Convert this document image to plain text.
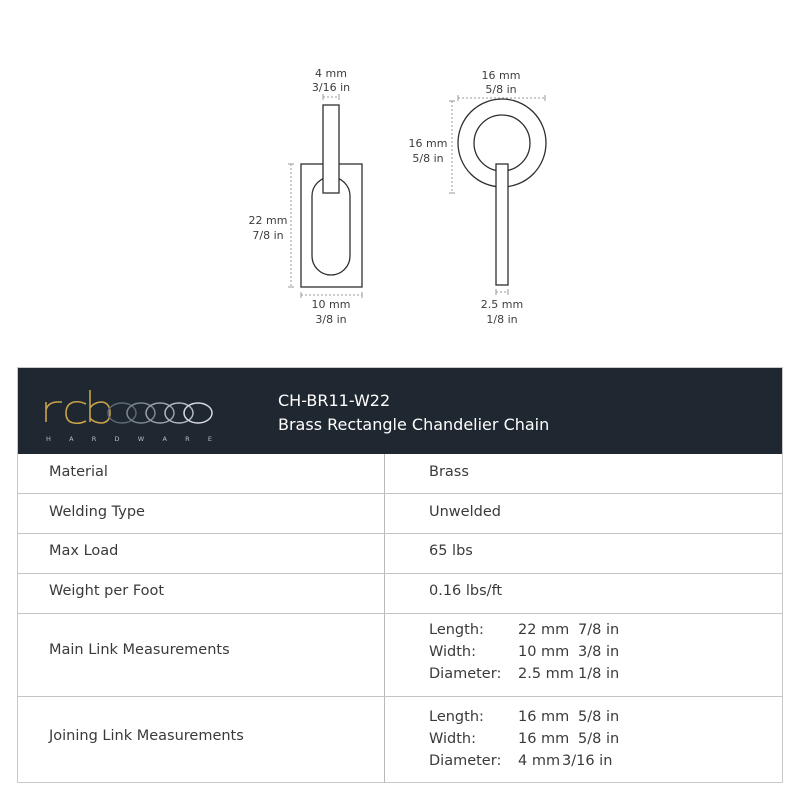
4 mm
3/16 in
22 mm
7/8 in
10 mm
3/8 in
16 mm
5/8 in
16 mm
5/8 in
2.5 mm
1/8 in
H A R D W A R E
CH-BR11-W22
Brass Rectangle Chandelier Chain
Material	Brass
Welding Type	Unwelded
Max Load	65 lbs
Weight per Foot	0.16 lbs/ft
Main Link Measurements
Length: 22 mm 7/8 in
Width:	10 mm 3/8 in
Diameter: 2.5 mm 1/8 in
Joining Link Measurements
Length: 16 mm 5/8 in
Width:	16 mm 5/8 in
Diameter: 4 mm 3/16 in
